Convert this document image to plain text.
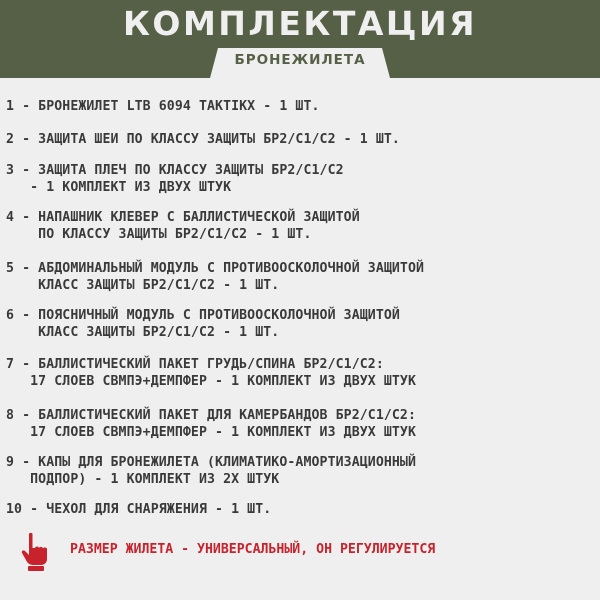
КОМПЛЕКТАЦИЯ
БРОНЕЖИЛЕТА
1 - БРОНЕЖИЛЕТ LTB 6094 TAKTIKX - 1 ШТ.
2 - ЗАЩИТА ШЕИ ПО КЛАССУ ЗАЩИТЫ БР2/С1/С2 - 1 ШТ.
3 - ЗАЩИТА ПЛЕЧ ПО КЛАССУ ЗАЩИТЫ БР2/С1/С2
- 1 КОМПЛЕКТ ИЗ ДВУХ ШТУК
4 - НАПАШНИК КЛЕВЕР С БАЛЛИСТИЧЕСКОЙ ЗАЩИТОЙ
ПО КЛАССУ ЗАЩИТЫ БР2/С1/С2 - 1 ШТ.
5 - АБДОМИНАЛЬНЫЙ МОДУЛЬ С ПРОТИВООСКОЛОЧНОЙ ЗАЩИТОЙ
КЛАСС ЗАЩИТЫ БР2/С1/С2 - 1 ШТ.
6 - ПОЯСНИЧНЫЙ МОДУЛЬ С ПРОТИВООСКОЛОЧНОЙ ЗАЩИТОЙ
КЛАСС ЗАЩИТЫ БР2/С1/С2 - 1 ШТ.
7 - БАЛЛИСТИЧЕСКИЙ ПАКЕТ ГРУДЬ/СПИНА БР2/С1/С2:
17 СЛОЕВ СВМПЭ+ДЕМПФЕР - 1 КОМПЛЕКТ ИЗ ДВУХ ШТУК
8 - БАЛЛИСТИЧЕСКИЙ ПАКЕТ ДЛЯ КАМЕРБАНДОВ БР2/С1/С2:
17 СЛОЕВ СВМПЭ+ДЕМПФЕР - 1 КОМПЛЕКТ ИЗ ДВУХ ШТУК
9 - КАПЫ ДЛЯ БРОНЕЖИЛЕТА (КЛИМАТИКО-АМОРТИЗАЦИОННЫЙ
ПОДПОР) - 1 КОМПЛЕКТ ИЗ 2Х ШТУК
10 - ЧЕХОЛ ДЛЯ СНАРЯЖЕНИЯ - 1 ШТ.
РАЗМЕР ЖИЛЕТА - УНИВЕРСАЛЬНЫЙ, ОН РЕГУЛИРУЕТСЯ
